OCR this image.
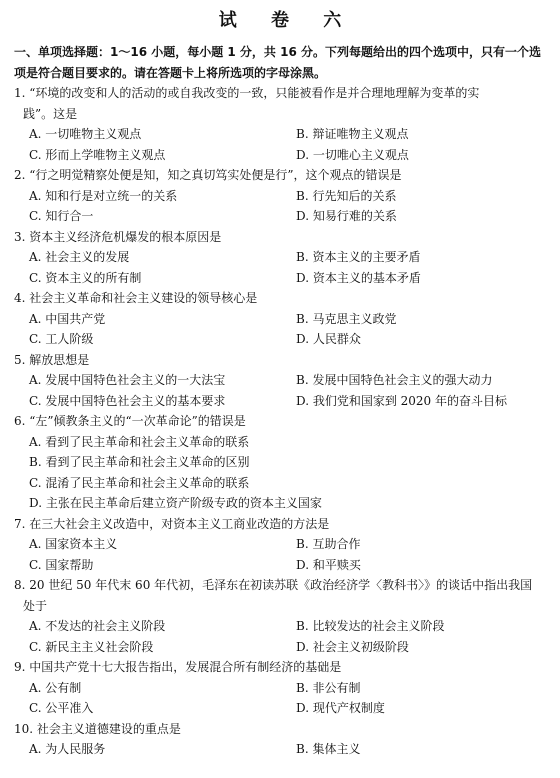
试 卷 六
一、单项选择题：1～16 小题，每小题 1 分，共 16 分。下列每题给出的四个选项中，只有一个选项是符合题目要求的。请在答题卡上将所选项的字母涂黑。
1. “环境的改变和人的活动的或自我改变的一致，只能被看作是并合理地理解为变革的实
践”。这是
A. 一切唯物主义观点	B. 辩证唯物主义观点
C. 形而上学唯物主义观点	D. 一切唯心主义观点
2. “行之明觉精察处便是知，知之真切笃实处便是行”，这个观点的错误是
A. 知和行是对立统一的关系	B. 行先知后的关系
C. 知行合一	D. 知易行难的关系
3. 资本主义经济危机爆发的根本原因是
A. 社会主义的发展	B. 资本主义的主要矛盾
C. 资本主义的所有制	D. 资本主义的基本矛盾
4. 社会主义革命和社会主义建设的领导核心是
A. 中国共产党	B. 马克思主义政党
C. 工人阶级	D. 人民群众
5. 解放思想是
A. 发展中国特色社会主义的一大法宝	B. 发展中国特色社会主义的强大动力
C. 发展中国特色社会主义的基本要求	D. 我们党和国家到 2020 年的奋斗目标
6. “左”倾教条主义的“一次革命论”的错误是
A. 看到了民主革命和社会主义革命的联系
B. 看到了民主革命和社会主义革命的区别
C. 混淆了民主革命和社会主义革命的联系
D. 主张在民主革命后建立资产阶级专政的资本主义国家
7. 在三大社会主义改造中，对资本主义工商业改造的方法是
A. 国家资本主义	B. 互助合作
C. 国家帮助	D. 和平赎买
8. 20 世纪 50 年代末 60 年代初，毛泽东在初读苏联《政治经济学〈教科书〉》的谈话中指出我国
处于
A. 不发达的社会主义阶段	B. 比较发达的社会主义阶段
C. 新民主主义社会阶段	D. 社会主义初级阶段
9. 中国共产党十七大报告指出，发展混合所有制经济的基础是
A. 公有制	B. 非公有制
C. 公平准入	D. 现代产权制度
10. 社会主义道德建设的重点是
A. 为人民服务	B. 集体主义
